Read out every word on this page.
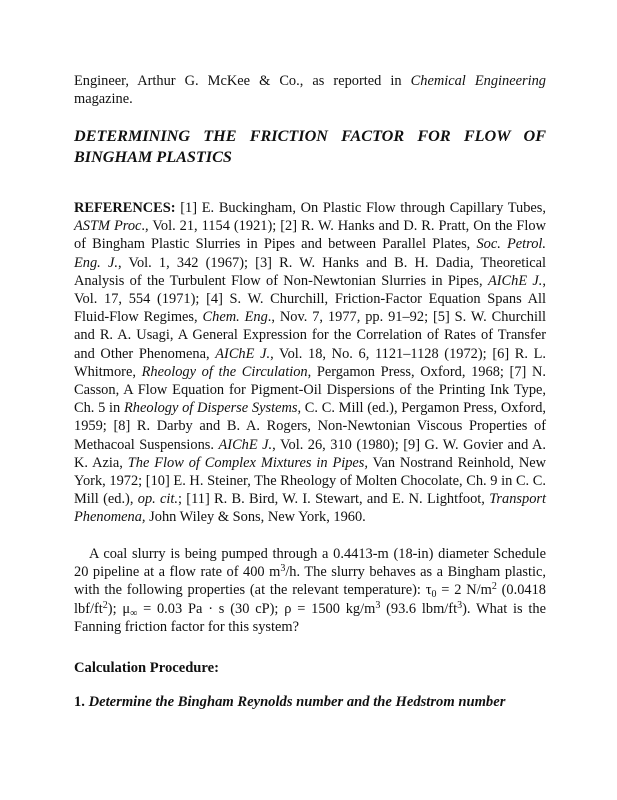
Engineer, Arthur G. McKee & Co., as reported in Chemical Engineering magazine.

DETERMINING THE FRICTION FACTOR FOR FLOW OF BINGHAM PLASTICS

REFERENCES: [1] E. Buckingham, On Plastic Flow through Capillary Tubes, ASTM Proc., Vol. 21, 1154 (1921); [2] R. W. Hanks and D. R. Pratt, On the Flow of Bingham Plastic Slurries in Pipes and between Parallel Plates, Soc. Petrol. Eng. J., Vol. 1, 342 (1967); [3] R. W. Hanks and B. H. Dadia, Theoretical Analysis of the Turbulent Flow of Non-Newtonian Slurries in Pipes, AIChE J., Vol. 17, 554 (1971); [4] S. W. Churchill, Friction-Factor Equation Spans All Fluid-Flow Regimes, Chem. Eng., Nov. 7, 1977, pp. 91–92; [5] S. W. Churchill and R. A. Usagi, A General Expression for the Correlation of Rates of Transfer and Other Phenomena, AIChE J., Vol. 18, No. 6, 1121–1128 (1972); [6] R. L. Whitmore, Rheology of the Circulation, Pergamon Press, Oxford, 1968; [7] N. Casson, A Flow Equation for Pigment-Oil Dispersions of the Printing Ink Type, Ch. 5 in Rheology of Disperse Systems, C. C. Mill (ed.), Pergamon Press, Oxford, 1959; [8] R. Darby and B. A. Rogers, Non-Newtonian Viscous Properties of Methacoal Suspensions. AIChE J., Vol. 26, 310 (1980); [9] G. W. Govier and A. K. Azia, The Flow of Complex Mixtures in Pipes, Van Nostrand Reinhold, New York, 1972; [10] E. H. Steiner, The Rheology of Molten Chocolate, Ch. 9 in C. C. Mill (ed.), op. cit.; [11] R. B. Bird, W. I. Stewart, and E. N. Lightfoot, Transport Phenomena, John Wiley & Sons, New York, 1960.

A coal slurry is being pumped through a 0.4413-m (18-in) diameter Schedule 20 pipeline at a flow rate of 400 $m^3/h$. The slurry behaves as a Bingham plastic, with the following properties (at the relevant temperature): $\tau_0 = 2$ $N/m^2$ (0.0418 lbf/$ft^2$); $\mu_\infty = 0.03$ Pa · s (30 cP); ρ = 1500 $kg/m^3$ (93.6 lbm/$ft^3$). What is the Fanning friction factor for this system?

Calculation Procedure:

1. Determine the Bingham Reynolds number and the Hedstrom number
